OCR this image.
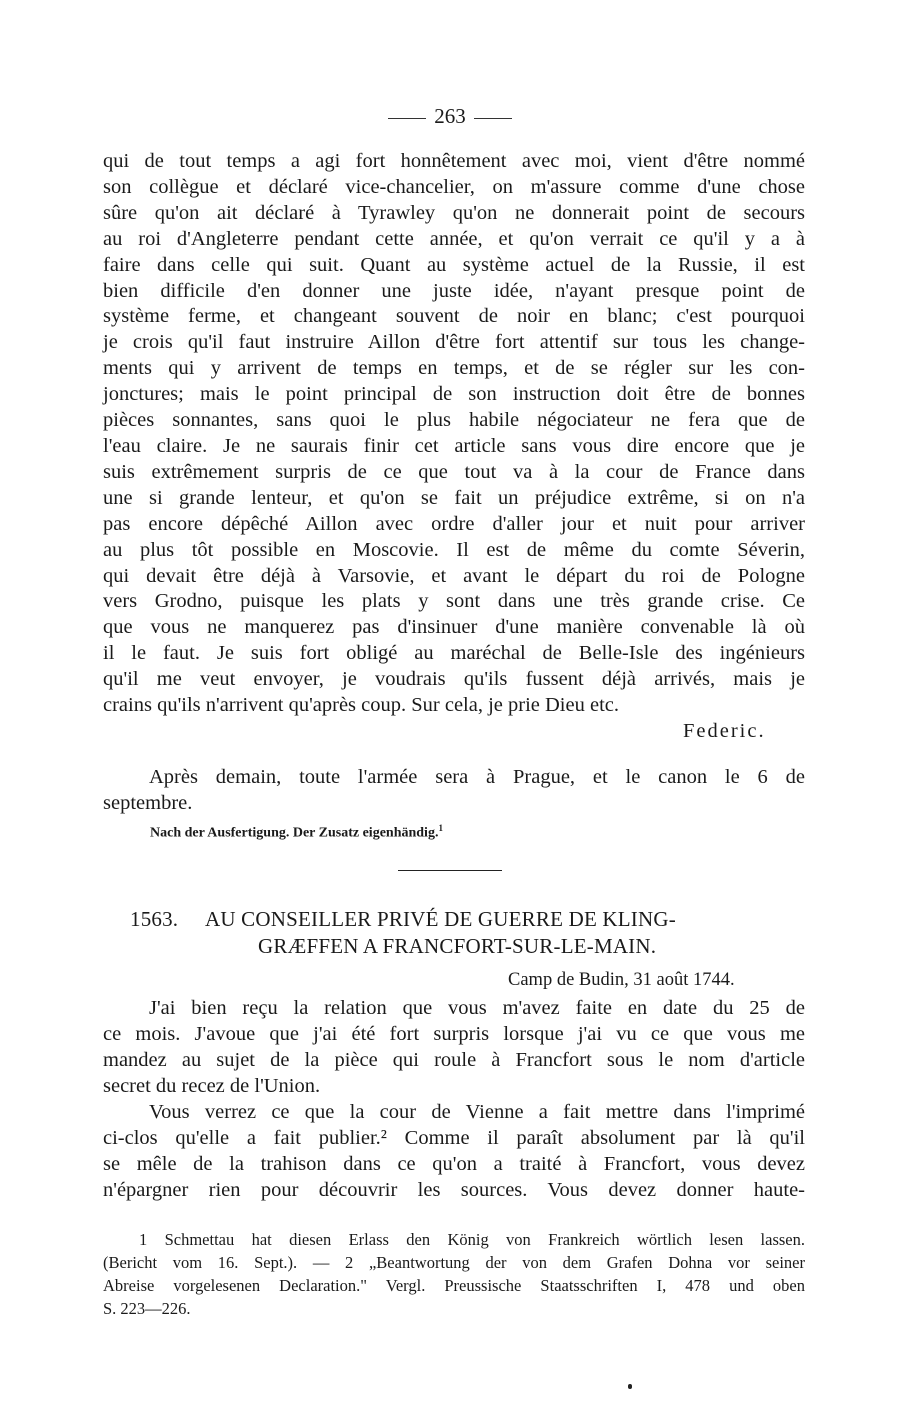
263
qui de tout temps a agi fort honnêtement avec moi, vient d'être nommé
son collègue et déclaré vice-chancelier, on m'assure comme d'une chose
sûre qu'on ait déclaré à Tyrawley qu'on ne donnerait point de secours
au roi d'Angleterre pendant cette année, et qu'on verrait ce qu'il y a à
faire dans celle qui suit. Quant au système actuel de la Russie, il est
bien difficile d'en donner une juste idée, n'ayant presque point de
système ferme, et changeant souvent de noir en blanc; c'est pourquoi
je crois qu'il faut instruire Aillon d'être fort attentif sur tous les change-
ments qui y arrivent de temps en temps, et de se régler sur les con-
jonctures; mais le point principal de son instruction doit être de bonnes
pièces sonnantes, sans quoi le plus habile négociateur ne fera que de
l'eau claire. Je ne saurais finir cet article sans vous dire encore que je
suis extrêmement surpris de ce que tout va à la cour de France dans
une si grande lenteur, et qu'on se fait un préjudice extrême, si on n'a
pas encore dépêché Aillon avec ordre d'aller jour et nuit pour arriver
au plus tôt possible en Moscovie. Il est de même du comte Séverin,
qui devait être déjà à Varsovie, et avant le départ du roi de Pologne
vers Grodno, puisque les plats y sont dans une très grande crise. Ce
que vous ne manquerez pas d'insinuer d'une manière convenable là où
il le faut. Je suis fort obligé au maréchal de Belle-Isle des ingénieurs
qu'il me veut envoyer, je voudrais qu'ils fussent déjà arrivés, mais je
crains qu'ils n'arrivent qu'après coup. Sur cela, je prie Dieu etc.
Federic.
Après demain, toute l'armée sera à Prague, et le canon le 6 de
septembre.
Nach der Ausfertigung. Der Zusatz eigenhändig.$^1$
1563. AU CONSEILLER PRIVÉ DE GUERRE DE KLING-
GRÆFFEN A FRANCFORT-SUR-LE-MAIN.
Camp de Budin, 31 août 1744.
J'ai bien reçu la relation que vous m'avez faite en date du 25 de
ce mois. J'avoue que j'ai été fort surpris lorsque j'ai vu ce que vous me
mandez au sujet de la pièce qui roule à Francfort sous le nom d'article
secret du recez de l'Union.
Vous verrez ce que la cour de Vienne a fait mettre dans l'imprimé
ci-clos qu'elle a fait publier.² Comme il paraît absolument par là qu'il
se mêle de la trahison dans ce qu'on a traité à Francfort, vous devez
n'épargner rien pour découvrir les sources. Vous devez donner haute-
1 Schmettau hat diesen Erlass den König von Frankreich wörtlich lesen lassen.
(Bericht vom 16. Sept.). — 2 „Beantwortung der von dem Grafen Dohna vor seiner
Abreise vorgelesenen Declaration." Vergl. Preussische Staatsschriften I, 478 und oben
S. 223—226.
